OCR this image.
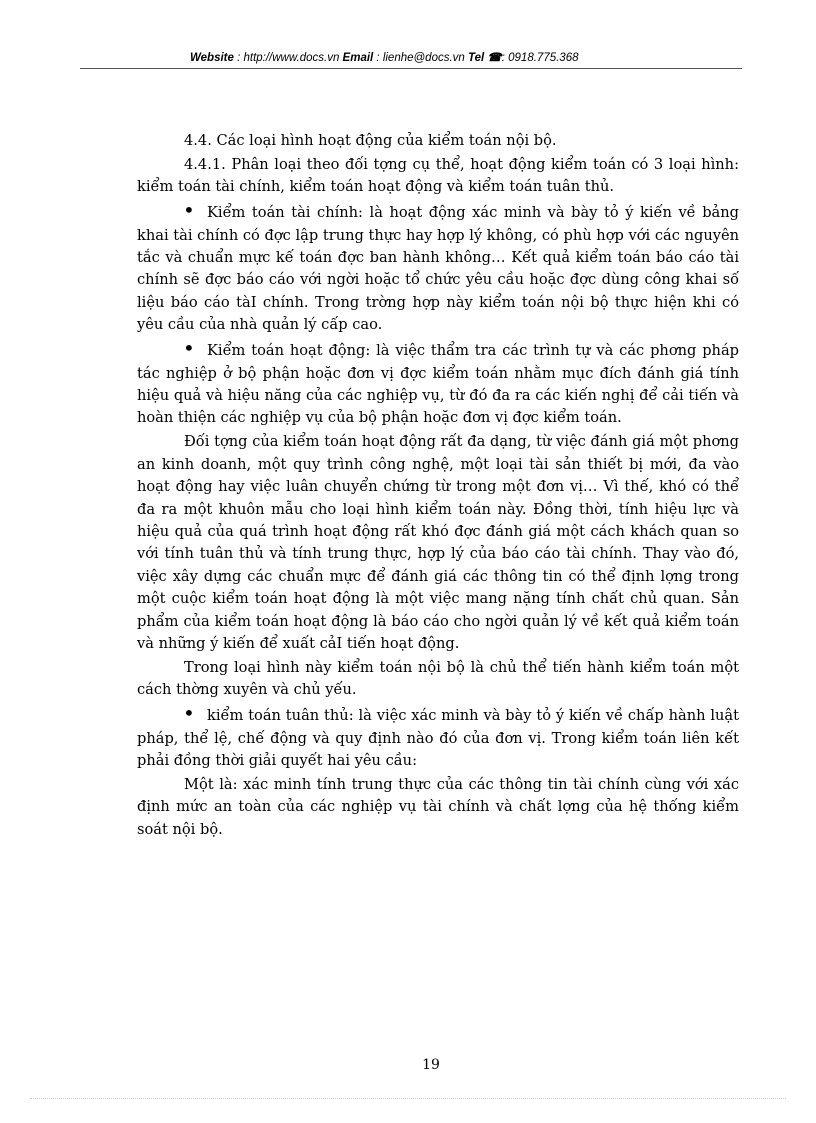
Website : http://www.docs.vn Email : lienhe@docs.vn Tel ☎: 0918.775.368

4.4. Các loại hình hoạt động của kiểm toán nội bộ.

4.4.1. Phân loại theo đối tợng cụ thể, hoạt động kiểm toán có 3 loại hình: kiểm toán tài chính, kiểm toán hoạt động và kiểm toán tuân thủ.

• Kiểm toán tài chính: là hoạt động xác minh và bày tỏ ý kiến về bảng khai tài chính có đợc lập trung thực hay hợp lý không, có phù hợp với các nguyên tắc và chuẩn mực kế toán đợc ban hành không… Kết quả kiểm toán báo cáo tài chính sẽ đợc báo cáo với ngời hoặc tổ chức yêu cầu hoặc đợc dùng công khai số liệu báo cáo tàI chính. Trong trờng hợp này kiểm toán nội bộ thực hiện khi có yêu cầu của nhà quản lý cấp cao.

• Kiểm toán hoạt động: là việc thẩm tra các trình tự và các phơng pháp tác nghiệp ở bộ phận hoặc đơn vị đợc kiểm toán nhằm mục đích đánh giá tính hiệu quả và hiệu năng của các nghiệp vụ, từ đó đa ra các kiến nghị để cải tiến và hoàn thiện các nghiệp vụ của bộ phận hoặc đơn vị đợc kiểm toán.

Đối tợng của kiểm toán hoạt động rất đa dạng, từ việc đánh giá một phơng an kinh doanh, một quy trình công nghệ, một loại tài sản thiết bị mới, đa vào hoạt động hay việc luân chuyển chứng từ trong một đơn vị… Vì thế, khó có thể đa ra một khuôn mẫu cho loại hình kiểm toán này. Đồng thời, tính hiệu lực và hiệu quả của quá trình hoạt động rất khó đợc đánh giá một cách khách quan so với tính tuân thủ và tính trung thực, hợp lý của báo cáo tài chính. Thay vào đó, việc xây dựng các chuẩn mực để đánh giá các thông tin có thể định lợng trong một cuộc kiểm toán hoạt động là một việc mang nặng tính chất chủ quan. Sản phẩm của kiểm toán hoạt động là báo cáo cho ngời quản lý về kết quả kiểm toán và những ý kiến để xuất cảI tiến hoạt động.

Trong loại hình này kiểm toán nội bộ là chủ thể tiến hành kiểm toán một cách thờng xuyên và chủ yếu.

• kiểm toán tuân thủ: là việc xác minh và bày tỏ ý kiến về chấp hành luật pháp, thể lệ, chế động và quy định nào đó của đơn vị. Trong kiểm toán liên kết phải đồng thời giải quyết hai yêu cầu:

Một là: xác minh tính trung thực của các thông tin tài chính cùng với xác định mức an toàn của các nghiệp vụ tài chính và chất lợng của hệ thống kiểm soát nội bộ.

19
